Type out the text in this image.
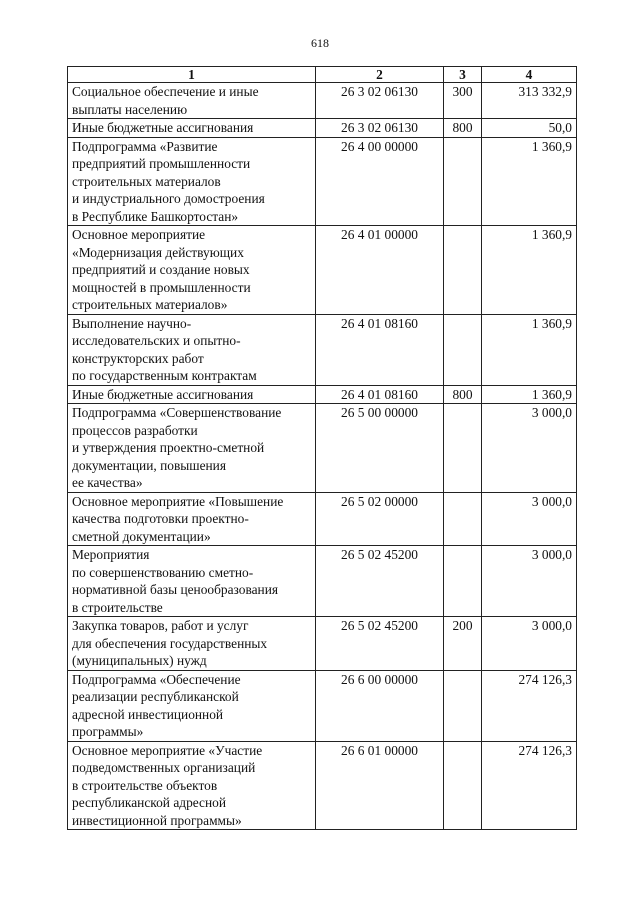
618
1	2	3	4
Социальное обеспечение и иные
выплаты населению	26 3 02 06130	300	313 332,9
Иные бюджетные ассигнования	26 3 02 06130	800	50,0
Подпрограмма «Развитие
предприятий промышленности
строительных материалов
и индустриального домостроения
в Республике Башкортостан»	26 4 00 00000		1 360,9
Основное мероприятие
«Модернизация действующих
предприятий и создание новых
мощностей в промышленности
строительных материалов»	26 4 01 00000		1 360,9
Выполнение научно-
исследовательских и опытно-
конструкторских работ
по государственным контрактам	26 4 01 08160		1 360,9
Иные бюджетные ассигнования	26 4 01 08160	800	1 360,9
Подпрограмма «Совершенствование
процессов разработки
и утверждения проектно-сметной
документации, повышения
ее качества»	26 5 00 00000		3 000,0
Основное мероприятие «Повышение
качества подготовки проектно-
сметной документации»	26 5 02 00000		3 000,0
Мероприятия
по совершенствованию сметно-
нормативной базы ценообразования
в строительстве	26 5 02 45200		3 000,0
Закупка товаров, работ и услуг
для обеспечения государственных
(муниципальных) нужд	26 5 02 45200	200	3 000,0
Подпрограмма «Обеспечение
реализации республиканской
адресной инвестиционной
программы»	26 6 00 00000		274 126,3
Основное мероприятие «Участие
подведомственных организаций
в строительстве объектов
республиканской адресной
инвестиционной программы»	26 6 01 00000		274 126,3
